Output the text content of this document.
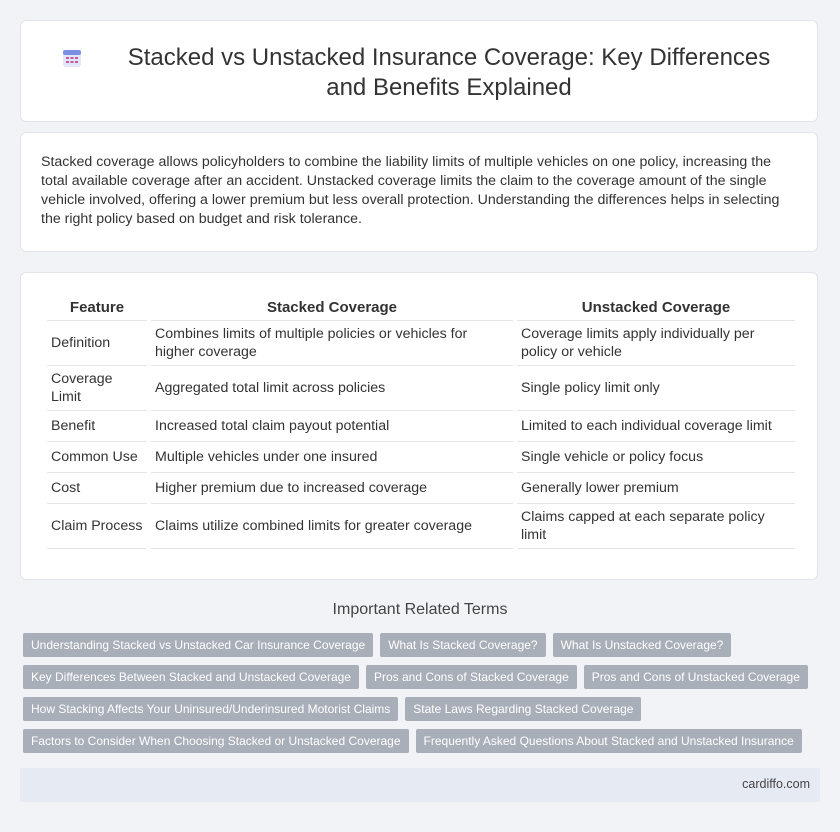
Stacked vs Unstacked Insurance Coverage: Key Differences and Benefits Explained

Stacked coverage allows policyholders to combine the liability limits of multiple vehicles on one policy, increasing the total available coverage after an accident. Unstacked coverage limits the claim to the coverage amount of the single vehicle involved, offering a lower premium but less overall protection. Understanding the differences helps in selecting the right policy based on budget and risk tolerance.

Feature	Stacked Coverage	Unstacked Coverage
Definition	Combines limits of multiple policies or vehicles for higher coverage	Coverage limits apply individually per policy or vehicle
Coverage Limit	Aggregated total limit across policies	Single policy limit only
Benefit	Increased total claim payout potential	Limited to each individual coverage limit
Common Use	Multiple vehicles under one insured	Single vehicle or policy focus
Cost	Higher premium due to increased coverage	Generally lower premium
Claim Process	Claims utilize combined limits for greater coverage	Claims capped at each separate policy limit
Important Related Terms
Understanding Stacked vs Unstacked Car Insurance Coverage	What Is Stacked Coverage?	What Is Unstacked Coverage?
Key Differences Between Stacked and Unstacked Coverage	Pros and Cons of Stacked Coverage	Pros and Cons of Unstacked Coverage
How Stacking Affects Your Uninsured/Underinsured Motorist Claims	State Laws Regarding Stacked Coverage
Factors to Consider When Choosing Stacked or Unstacked Coverage	Frequently Asked Questions About Stacked and Unstacked Insurance
cardiffo.com
